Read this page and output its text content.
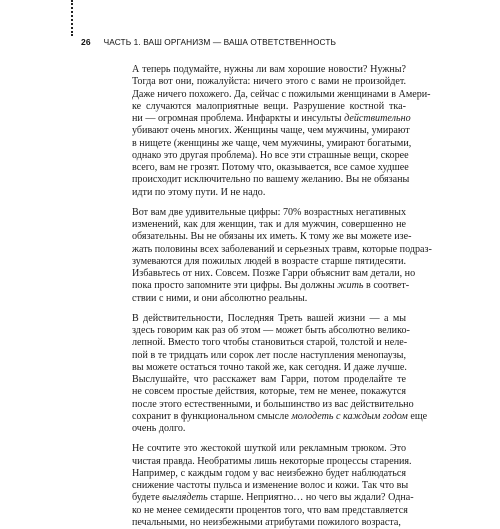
26 ЧАСТЬ 1. ВАШ ОРГАНИЗМ — ВАША ОТВЕТСТВЕННОСТЬ

А теперь подумайте, нужны ли вам хорошие новости? Нужны?
Тогда вот они, пожалуйста: ничего этого с вами не произойдет.
Даже ничего похожего. Да, сейчас с пожилыми женщинами в Амери-
ке случаются малоприятные вещи. Разрушение костной тка-
ни — огромная проблема. Инфаркты и инсульты действительно
убивают очень многих. Женщины чаще, чем мужчины, умирают
в нищете (женщины же чаще, чем мужчины, умирают богатыми,
однако это другая проблема). Но все эти страшные вещи, скорее
всего, вам не грозят. Потому что, оказывается, все самое худшее
происходит исключительно по вашему желанию. Вы не обязаны
идти по этому пути. И не надо.

Вот вам две удивительные цифры: 70% возрастных негативных
изменений, как для женщин, так и для мужчин, совершенно не
обязательны. Вы не обязаны их иметь. К тому же вы можете изе-
жать половины всех заболеваний и серьезных травм, которые подраз-
зумеваются для пожилых людей в возрасте старше пятидесяти.
Избавьтесь от них. Совсем. Позже Гарри объяснит вам детали, но
пока просто запомните эти цифры. Вы должны жить в соответ-
ствии с ними, и они абсолютно реальны.

В действительности, Последняя Треть вашей жизни — а мы
здесь говорим как раз об этом — может быть абсолютно велико-
лепной. Вместо того чтобы становиться старой, толстой и нелe-
пой в те тридцать или сорок лет после наступления менопаузы,
вы можете остаться точно такой же, как сегодня. И даже лучше.
Выслушайте, что расскажет вам Гарри, потом проделайте те
не совсем простые действия, которые, тем не менее, покажутся
после этого естественными, и большинство из вас действительно
сохранит в функциональном смысле молодеть с каждым годом еще
очень долго.

Не сочтите это жестокой шуткой или рекламным трюком. Это
чистая правда. Необратимы лишь некоторые процессы старения.
Например, с каждым годом у вас неизбежно будет наблюдаться
снижение частоты пульса и изменение волос и кожи. Так что вы
будете выглядеть старше. Неприятно… но чего вы ждали? Одна-
ко не менее семидесяти процентов того, что вам представляется
печальными, но неизбежными атрибутами пожилого возраста,
